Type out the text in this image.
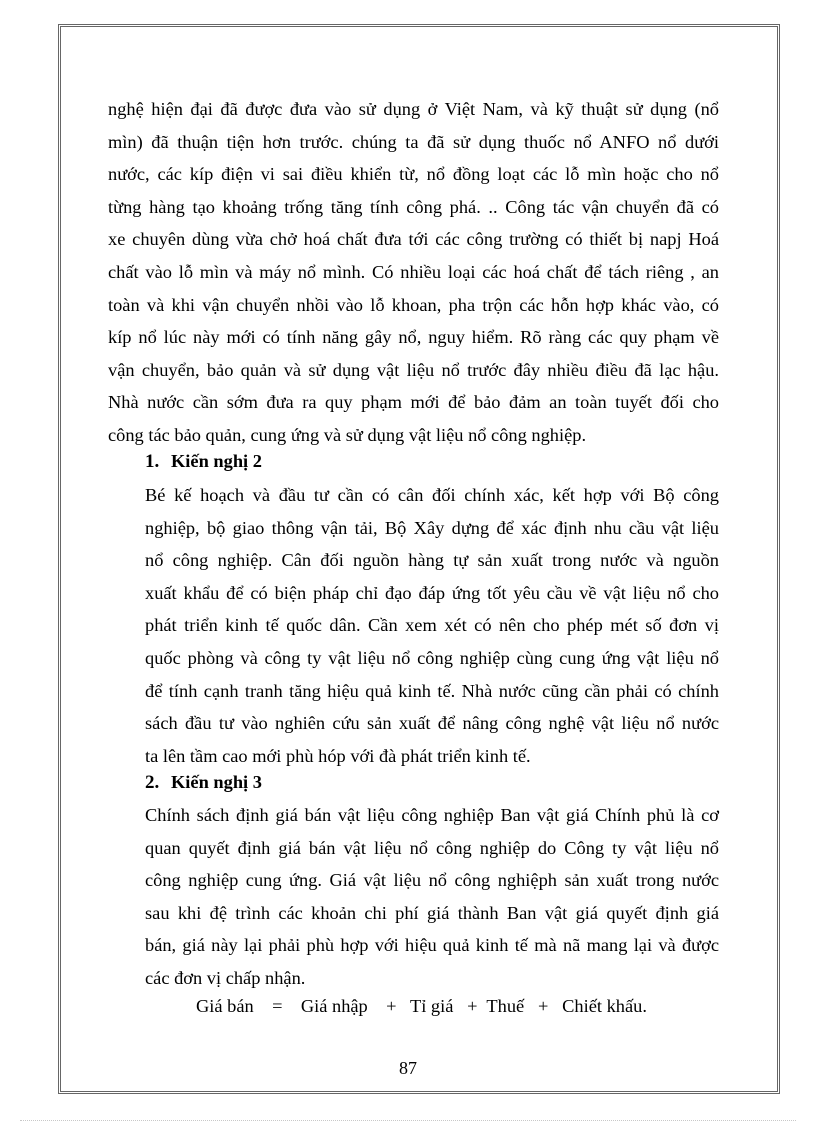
nghệ hiện đại đã được đưa vào sử dụng ở Việt Nam, và kỹ thuật sử dụng (nổ
mìn) đã thuận tiện hơn trước. chúng ta đã sử dụng thuốc nổ ANFO nổ dưới
nước, các kíp điện vi sai điều khiển từ, nổ đồng loạt các lỗ mìn hoặc cho nổ
từng hàng tạo khoảng trống tăng tính công phá. .. Công tác vận chuyển đã có
xe chuyên dùng vừa chở hoá chất đưa tới các công trường có thiết bị napj Hoá
chất vào lỗ mìn và máy nổ mình. Có nhiều loại các hoá chất để tách riêng , an
toàn và khi vận chuyển nhồi vào lỗ khoan, pha trộn các hỗn hợp khác vào, có
kíp nổ lúc này mới có tính năng gây nổ, nguy hiểm. Rõ ràng các quy phạm về
vận chuyển, bảo quản và sử dụng vật liệu nổ trước đây nhiều điều đã lạc hậu.
Nhà nước cần sớm đưa ra quy phạm mới để bảo đảm an toàn tuyết đối cho
công tác bảo quản, cung ứng và sử dụng vật liệu nổ công nghiệp.
1. Kiến nghị 2
Bé kế hoạch và đầu tư cần có cân đối chính xác, kết hợp với Bộ công
nghiệp, bộ giao thông vận tải, Bộ Xây dựng để xác định nhu cầu vật liệu
nổ công nghiệp. Cân đối nguồn hàng tự sản xuất trong nước và nguồn
xuất khẩu để có biện pháp chỉ đạo đáp ứng tốt yêu cầu về vật liệu nổ cho
phát triển kinh tế quốc dân. Cần xem xét có nên cho phép mét số đơn vị
quốc phòng và công ty vật liệu nổ công nghiệp cùng cung ứng vật liệu nổ
để tính cạnh tranh tăng hiệu quả kinh tế. Nhà nước cũng cần phải có chính
sách đầu tư vào nghiên cứu sản xuất để nâng công nghệ vật liệu nổ nước
ta lên tầm cao mới phù hóp với đà phát triển kinh tế.
2. Kiến nghị 3
Chính sách định giá bán vật liệu công nghiệp Ban vật giá Chính phủ là cơ
quan quyết định giá bán vật liệu nổ công nghiệp do Công ty vật liệu nổ
công nghiệp cung ứng. Giá vật liệu nổ công nghiệph sản xuất trong nước
sau khi đệ trình các khoản chi phí giá thành Ban vật giá quyết định giá
bán, giá này lại phải phù hợp với hiệu quả kinh tế mà nã mang lại và được
các đơn vị chấp nhận.
Giá bán    =    Giá nhập    +   Tỉ giá   +  Thuế   +   Chiết khấu.
87
